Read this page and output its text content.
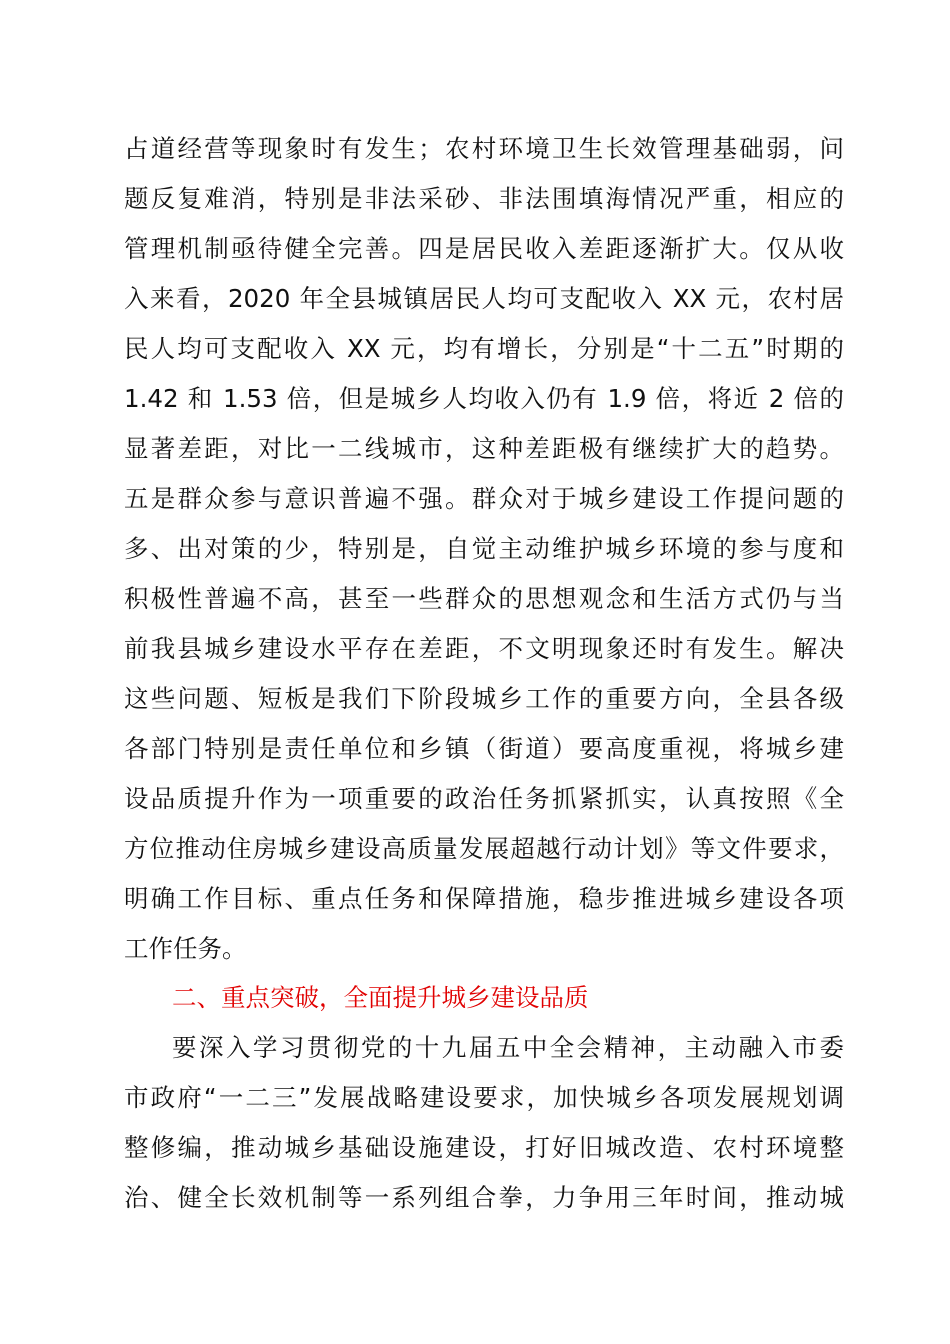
占道经营等现象时有发生；农村环境卫生长效管理基础弱，问
题反复难消，特别是非法采砂、非法围填海情况严重，相应的
管理机制亟待健全完善。四是居民收入差距逐渐扩大。仅从收
入来看，2020 年全县城镇居民人均可支配收入 XX 元，农村居
民人均可支配收入 XX 元，均有增长，分别是“十二五”时期的
1.42 和 1.53 倍，但是城乡人均收入仍有 1.9 倍，将近 2 倍的
显著差距，对比一二线城市，这种差距极有继续扩大的趋势。
五是群众参与意识普遍不强。群众对于城乡建设工作提问题的
多、出对策的少，特别是，自觉主动维护城乡环境的参与度和
积极性普遍不高，甚至一些群众的思想观念和生活方式仍与当
前我县城乡建设水平存在差距，不文明现象还时有发生。解决
这些问题、短板是我们下阶段城乡工作的重要方向，全县各级
各部门特别是责任单位和乡镇（街道）要高度重视，将城乡建
设品质提升作为一项重要的政治任务抓紧抓实，认真按照《全
方位推动住房城乡建设高质量发展超越行动计划》等文件要求，
明确工作目标、重点任务和保障措施，稳步推进城乡建设各项
工作任务。
二、重点突破，全面提升城乡建设品质
要深入学习贯彻党的十九届五中全会精神，主动融入市委
市政府“一二三”发展战略建设要求，加快城乡各项发展规划调
整修编，推动城乡基础设施建设，打好旧城改造、农村环境整
治、健全长效机制等一系列组合拳，力争用三年时间，推动城
